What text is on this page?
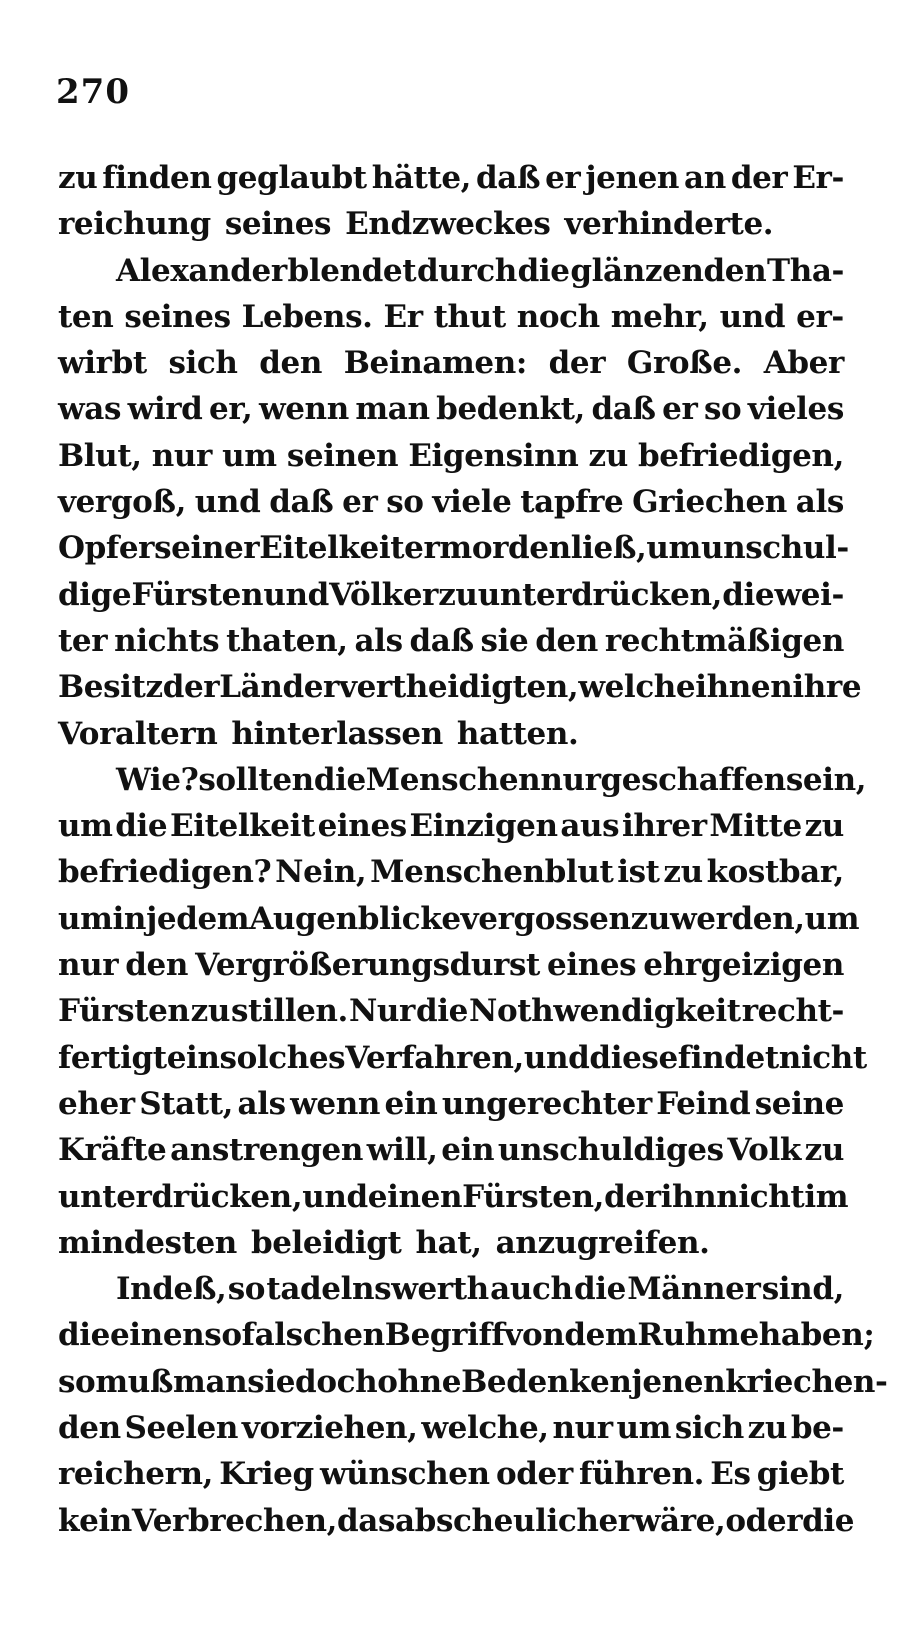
270
zu finden geglaubt hätte, daß er jenen an der Er-
reichung seines Endzweckes verhinderte.
Alexander blendet durch die glänzenden Tha-
ten seines Lebens. Er thut noch mehr, und er-
wirbt sich den Beinamen: der Große. Aber
was wird er, wenn man bedenkt, daß er so vieles
Blut, nur um seinen Eigensinn zu befriedigen,
vergoß, und daß er so viele tapfre Griechen als
Opfer seiner Eitelkeit ermorden ließ, um unschul-
dige Fürsten und Völker zu unterdrücken, die wei-
ter nichts thaten, als daß sie den rechtmäßigen
Besitz der Länder vertheidigten, welche ihnen ihre
Voraltern hinterlassen hatten.
Wie? sollten die Menschen nur geschaffen sein,
um die Eitelkeit eines Einzigen aus ihrer Mitte zu
befriedigen? Nein, Menschenblut ist zu kostbar,
um in jedem Augenblicke vergossen zu werden, um
nur den Vergrößerungsdurst eines ehrgeizigen
Fürsten zu stillen. Nur die Nothwendigkeit recht-
fertigt ein solches Verfahren, und diese findet nicht
eher Statt, als wenn ein ungerechter Feind seine
Kräfte anstrengen will, ein unschuldiges Volk zu
unterdrücken, und einen Fürsten, der ihn nicht im
mindesten beleidigt hat, anzugreifen.
Indeß, so tadelnswerth auch die Männer sind,
die einen so falschen Begriff von dem Ruhme haben;
so muß man sie doch ohne Bedenken jenen kriechen-
den Seelen vorziehen, welche, nur um sich zu be-
reichern, Krieg wünschen oder führen. Es giebt
kein Verbrechen, das abscheulicher wäre, oder die
